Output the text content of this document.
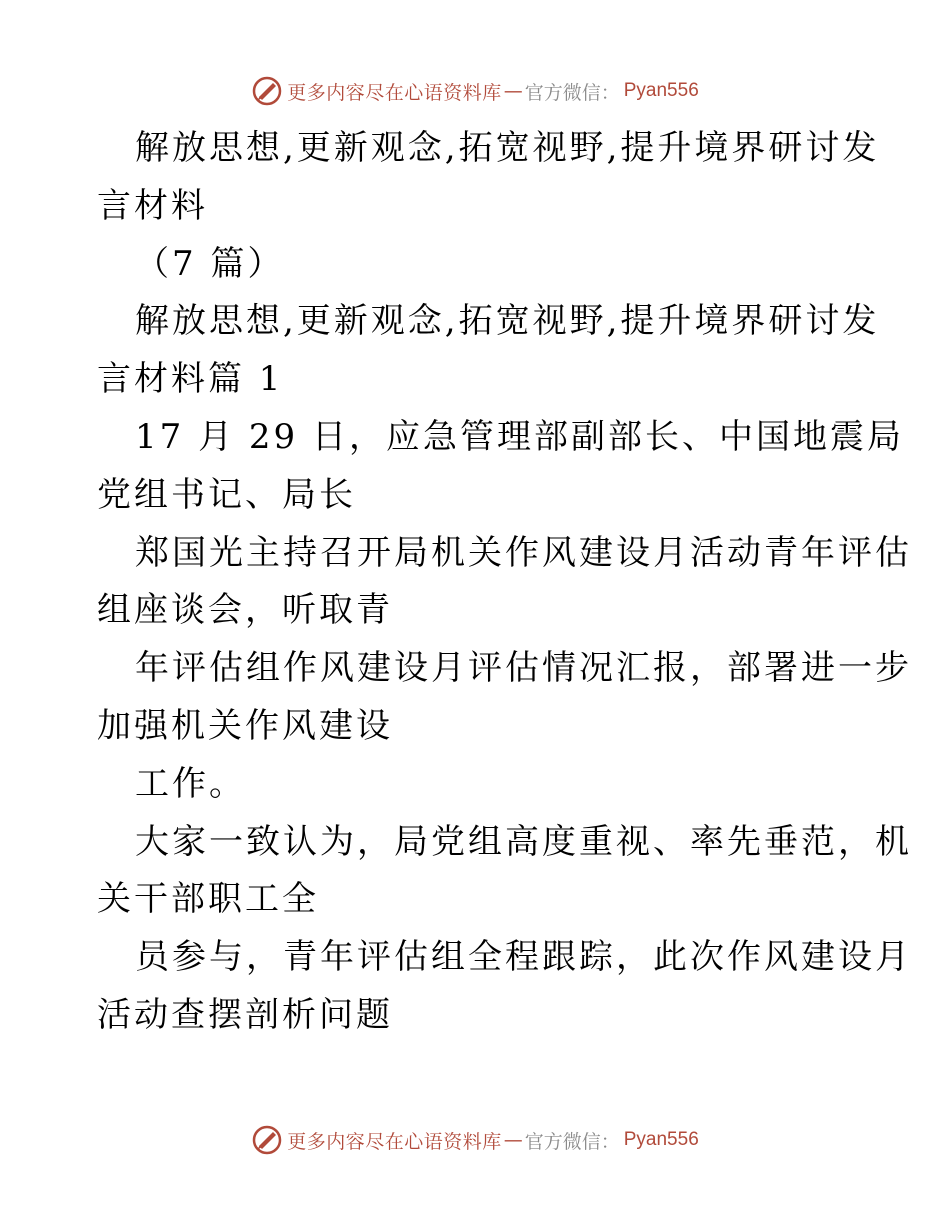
更多内容尽在心语资料库 — 官方微信： Pyan556
解放思想,更新观念,拓宽视野,提升境界研讨发
言材料
（7 篇）
解放思想,更新观念,拓宽视野,提升境界研讨发
言材料篇 1
17 月 29 日，应急管理部副部长、中国地震局
党组书记、局长
郑国光主持召开局机关作风建设月活动青年评估
组座谈会，听取青
年评估组作风建设月评估情况汇报，部署进一步
加强机关作风建设
工作。
大家一致认为，局党组高度重视、率先垂范，机
关干部职工全
员参与，青年评估组全程跟踪，此次作风建设月
活动查摆剖析问题
更多内容尽在心语资料库 — 官方微信： Pyan556
